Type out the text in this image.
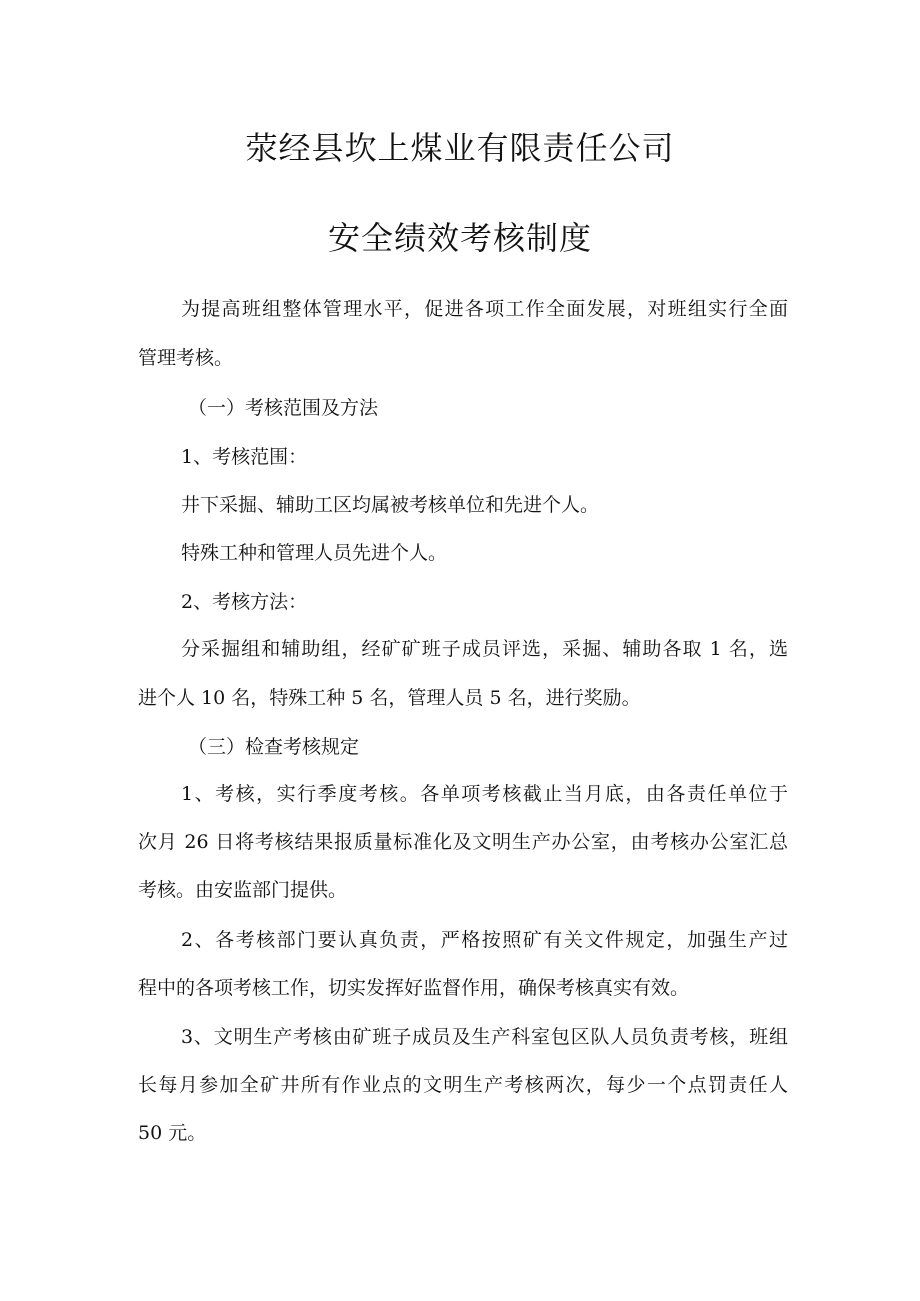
荥经县坎上煤业有限责任公司
安全绩效考核制度

为提高班组整体管理水平，促进各项工作全面发展，对班组实行全面

管理考核。

（一）考核范围及方法

1、考核范围：

井下采掘、辅助工区均属被考核单位和先进个人。

特殊工种和管理人员先进个人。

2、考核方法：

分采掘组和辅助组，经矿矿班子成员评选，采掘、辅助各取 1 名，选

进个人 10 名，特殊工种 5 名，管理人员 5 名，进行奖励。

（三）检查考核规定

1、考核，实行季度考核。各单项考核截止当月底，由各责任单位于

次月 26 日将考核结果报质量标准化及文明生产办公室，由考核办公室汇总

考核。由安监部门提供。

2、各考核部门要认真负责，严格按照矿有关文件规定，加强生产过

程中的各项考核工作，切实发挥好监督作用，确保考核真实有效。

3、文明生产考核由矿班子成员及生产科室包区队人员负责考核，班组

长每月参加全矿井所有作业点的文明生产考核两次，每少一个点罚责任人

50 元。
